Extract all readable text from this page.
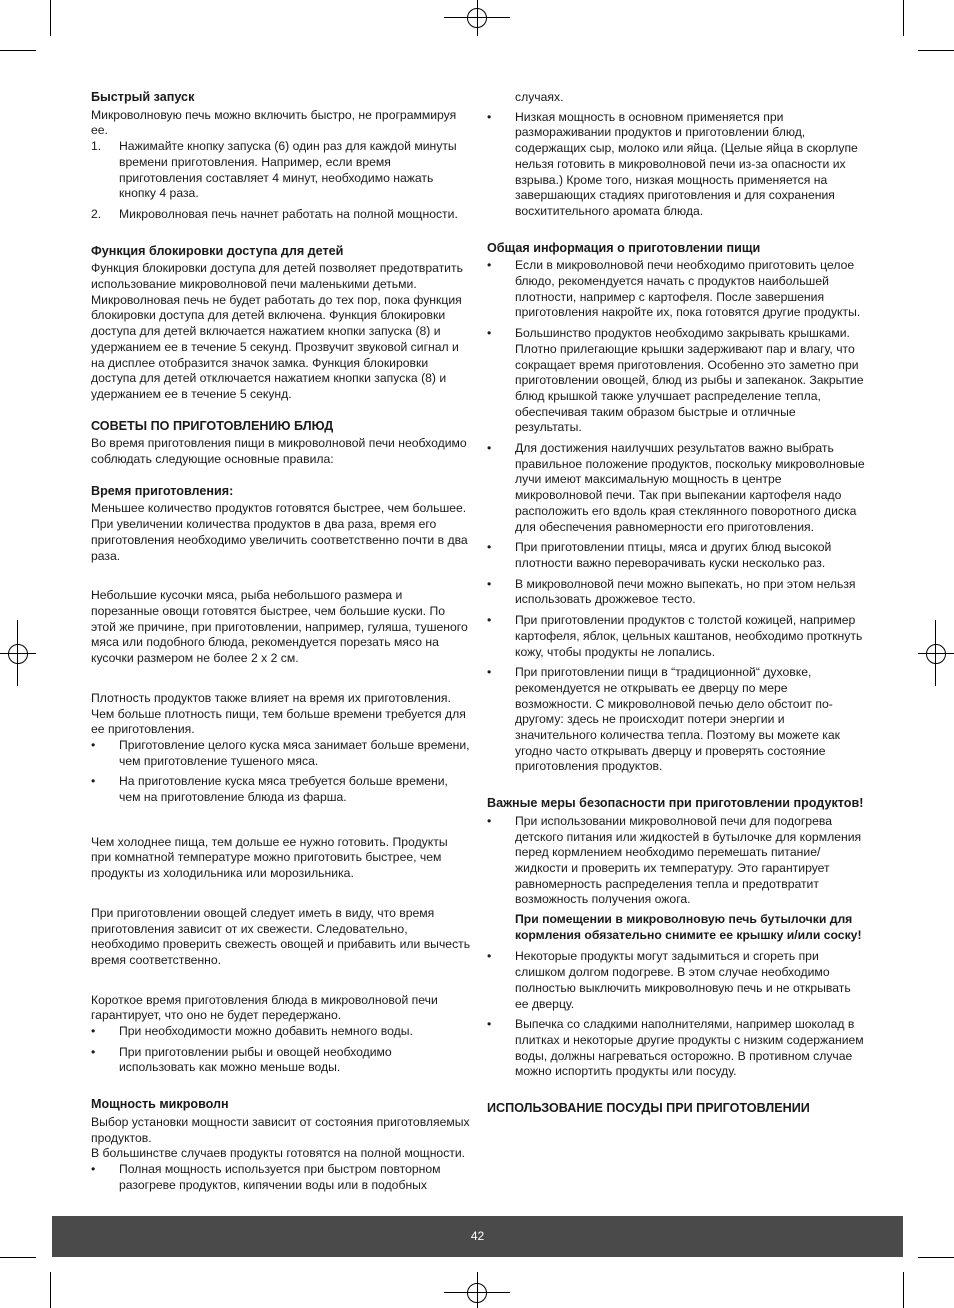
Быстрый запуск

Микроволновую печь можно включить быстро, не программируя ее.

1. Нажимайте кнопку запуска (6) один раз для каждой минуты времени приготовления. Например, если время приготовления составляет 4 минут, необходимо нажать кнопку 4 раза.
2. Микроволновая печь начнет работать на полной мощности.
Функция блокировки доступа для детей

Функция блокировки доступа для детей позволяет предотвратить использование микроволновой печи маленькими детьми. Микроволновая печь не будет работать до тех пор, пока функция блокировки доступа для детей включена. Функция блокировки доступа для детей включается нажатием кнопки запуска (8) и удержанием ее в течение 5 секунд. Прозвучит звуковой сигнал и на дисплее отобразится значок замка. Функция блокировки доступа для детей отключается нажатием кнопки запуска (8) и удержанием ее в течение 5 секунд.

СОВЕТЫ ПО ПРИГОТОВЛЕНИЮ БЛЮД

Во время приготовления пищи в микроволновой печи необходимо соблюдать следующие основные правила:

Время приготовления:

Меньшее количество продуктов готовятся быстрее, чем большее. При увеличении количества продуктов в два раза, время его приготовления необходимо увеличить соответственно почти в два раза.

Небольшие кусочки мяса, рыба небольшого размера и порезанные овощи готовятся быстрее, чем большие куски. По этой же причине, при приготовлении, например, гуляша, тушеного мяса или подобного блюда, рекомендуется порезать мясо на кусочки размером не более 2 x 2 см.

Плотность продуктов также влияет на время их приготовления. Чем больше плотность пищи, тем больше времени требуется для ее приготовления.

• Приготовление целого куска мяса занимает больше времени, чем приготовление тушеного мяса.
• На приготовление куска мяса требуется больше времени, чем на приготовление блюда из фарша.

Чем холоднее пища, тем дольше ее нужно готовить. Продукты при комнатной температуре можно приготовить быстрее, чем продукты из холодильника или морозильника.

При приготовлении овощей следует иметь в виду, что время приготовления зависит от их свежести. Следовательно, необходимо проверить свежесть овощей и прибавить или вычесть время соответственно.

Короткое время приготовления блюда в микроволновой печи гарантирует, что оно не будет передержано.

• При необходимости можно добавить немного воды.
• При приготовлении рыбы и овощей необходимо использовать как можно меньше воды.
Мощность микроволн

Выбор установки мощности зависит от состояния приготовляемых продуктов.

В большинстве случаев продукты готовятся на полной мощности.

• Полная мощность используется при быстром повторном разогреве продуктов, кипячении воды или в подобных

случаях.

• Низкая мощность в основном применяется при размораживании продуктов и приготовлении блюд, содержащих сыр, молоко или яйца. (Целые яйца в скорлупе нельзя готовить в микроволновой печи из-за опасности их взрыва.) Кроме того, низкая мощность применяется на завершающих стадиях приготовления и для сохранения восхитительного аромата блюда.
Общая информация о приготовлении пищи
• Если в микроволновой печи необходимо приготовить целое блюдо, рекомендуется начать с продуктов наибольшей плотности, например с картофеля. После завершения приготовления накройте их, пока готовятся другие продукты.
• Большинство продуктов необходимо закрывать крышками. Плотно прилегающие крышки задерживают пар и влагу, что сокращает время приготовления. Особенно это заметно при приготовлении овощей, блюд из рыбы и запеканок. Закрытие блюд крышкой также улучшает распределение тепла, обеспечивая таким образом быстрые и отличные результаты.
• Для достижения наилучших результатов важно выбрать правильное положение продуктов, поскольку микроволновые лучи имеют максимальную мощность в центре микроволновой печи. Так при выпекании картофеля надо расположить его вдоль края стеклянного поворотного диска для обеспечения равномерности его приготовления.
• При приготовлении птицы, мяса и других блюд высокой плотности важно переворачивать куски несколько раз.
• В микроволновой печи можно выпекать, но при этом нельзя использовать дрожжевое тесто.
• При приготовлении продуктов с толстой кожицей, например картофеля, яблок, цельных каштанов, необходимо проткнуть кожу, чтобы продукты не лопались.
• При приготовлении пищи в “традиционной“ духовке, рекомендуется не открывать ее дверцу по мере возможности. С микроволновой печью дело обстоит по-другому: здесь не происходит потери энергии и значительного количества тепла. Поэтому вы можете как угодно часто открывать дверцу и проверять состояние приготовления продуктов.
Важные меры безопасности при приготовлении продуктов!
• При использовании микроволновой печи для подогрева детского питания или жидкостей в бутылочке для кормления перед кормлением необходимо перемешать питание/жидкости и проверить их температуру. Это гарантирует равномерность распределения тепла и предотвратит возможность получения ожога.

При помещении в микроволновую печь бутылочки для    кормления обязательно снимите ее крышку и/или соску!

• Некоторые продукты могут задымиться и сгореть при слишком долгом подогреве. В этом случае необходимо полностью выключить микроволновую печь и не открывать ее дверцу.
• Выпечка со сладкими наполнителями, например шоколад в плитках и некоторые другие продукты с низким содержанием воды, должны нагреваться осторожно. В противном случае можно испортить продукты или посуду.
ИСПОЛЬЗОВАНИЕ ПОСУДЫ ПРИ ПРИГОТОВЛЕНИИ
42
